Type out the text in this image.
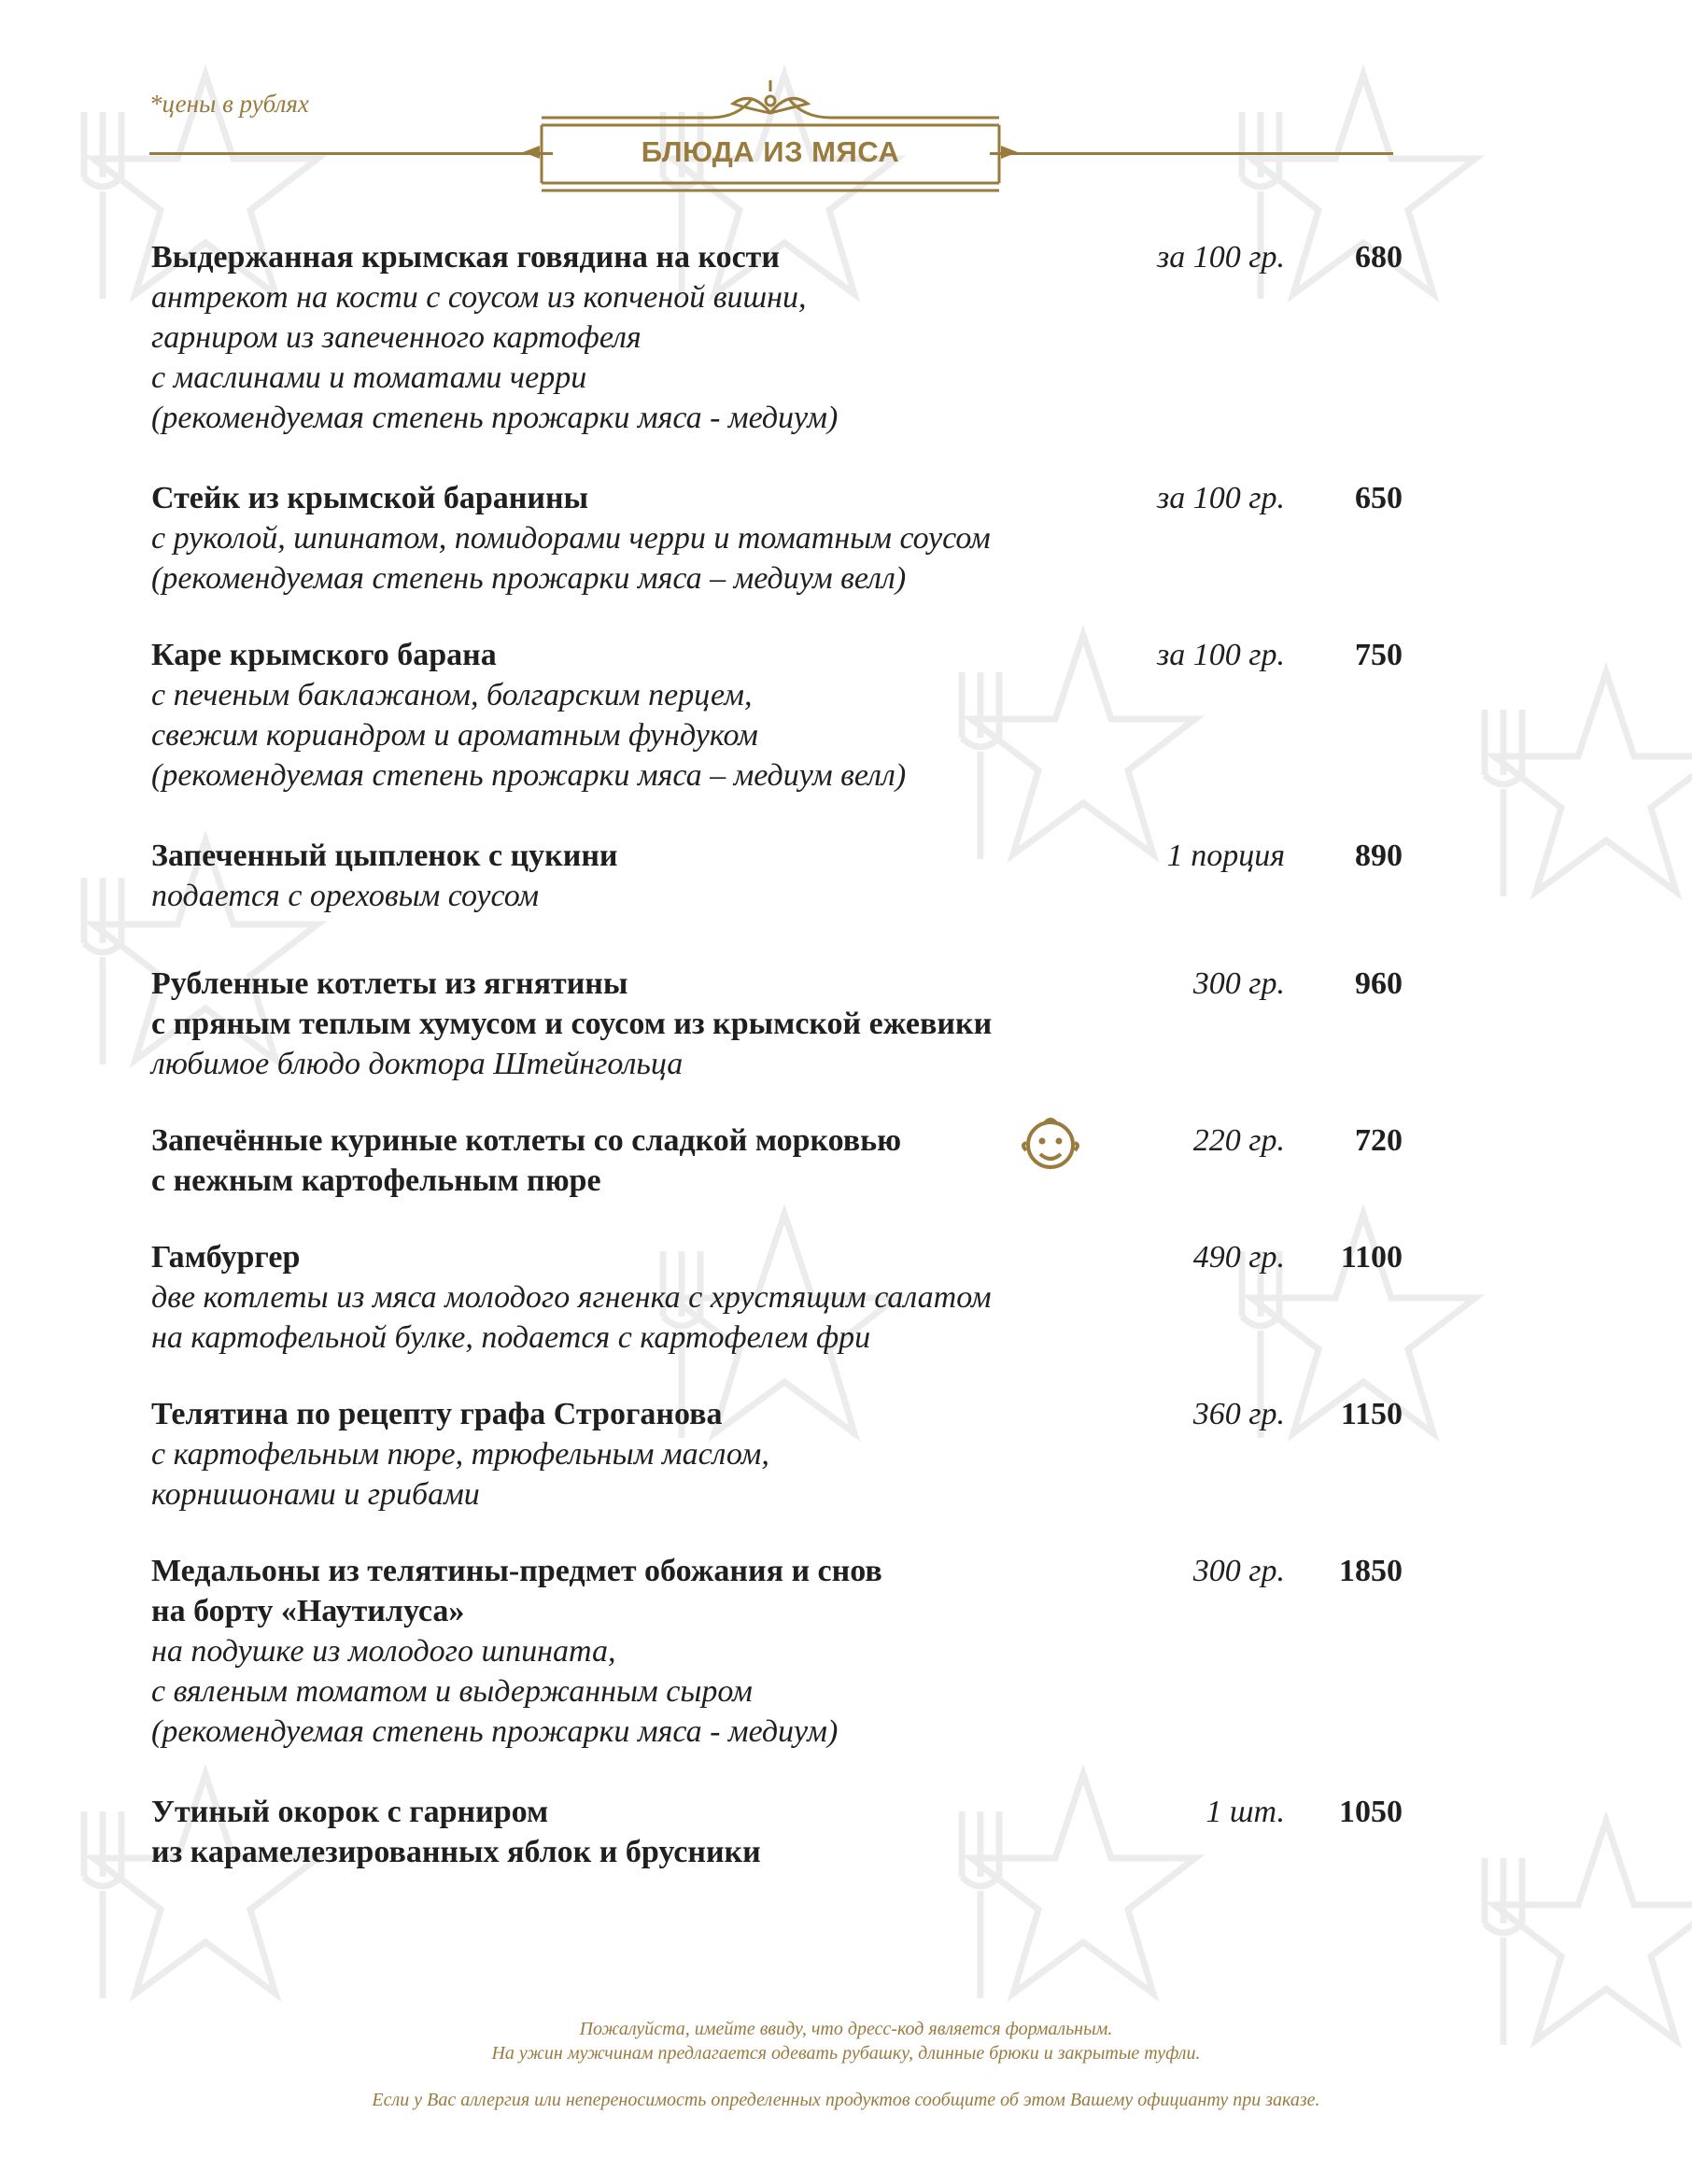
*цены в рублях
БЛЮДА ИЗ МЯСА
Выдержанная крымская говядина на кости
антрекот на кости с соусом из копченой вишни,
гарниром из запеченного картофеля
с маслинами и томатами черри
(рекомендуемая степень прожарки мяса - медиум)
за 100 гр. 680
Стейк из крымской баранины
с руколой, шпинатом, помидорами черри и томатным соусом
(рекомендуемая степень прожарки мяса – медиум велл)
за 100 гр. 650
Каре крымского барана
с печеным баклажаном, болгарским перцем,
свежим кориандром и ароматным фундуком
(рекомендуемая степень прожарки мяса – медиум велл)
за 100 гр. 750
Запеченный цыпленок с цукини
подается с ореховым соусом
1 порция 890
Рубленные котлеты из ягнятины
с пряным теплым хумусом и соусом из крымской ежевики
любимое блюдо доктора Штейнгольца
300 гр. 960
Запечённые куриные котлеты со сладкой морковью
с нежным картофельным пюре
220 гр. 720
Гамбургер
две котлеты из мяса молодого ягненка с хрустящим салатом
на картофельной булке, подается с картофелем фри
490 гр. 1100
Телятина по рецепту графа Строганова
с картофельным пюре, трюфельным маслом,
корнишонами и грибами
360 гр. 1150
Медальоны из телятины-предмет обожания и снов
на борту «Наутилуса»
на подушке из молодого шпината,
с вяленым томатом и выдержанным сыром
(рекомендуемая степень прожарки мяса - медиум)
300 гр. 1850
Утиный окорок с гарниром
из карамелезированных яблок и брусники
1 шт. 1050
Пожалуйста, имейте ввиду, что дресс-код является формальным.
На ужин мужчинам предлагается одевать рубашку, длинные брюки и закрытые туфли.
Если у Вас аллергия или непереносимость определенных продуктов сообщите об этом Вашему официанту при заказе.
